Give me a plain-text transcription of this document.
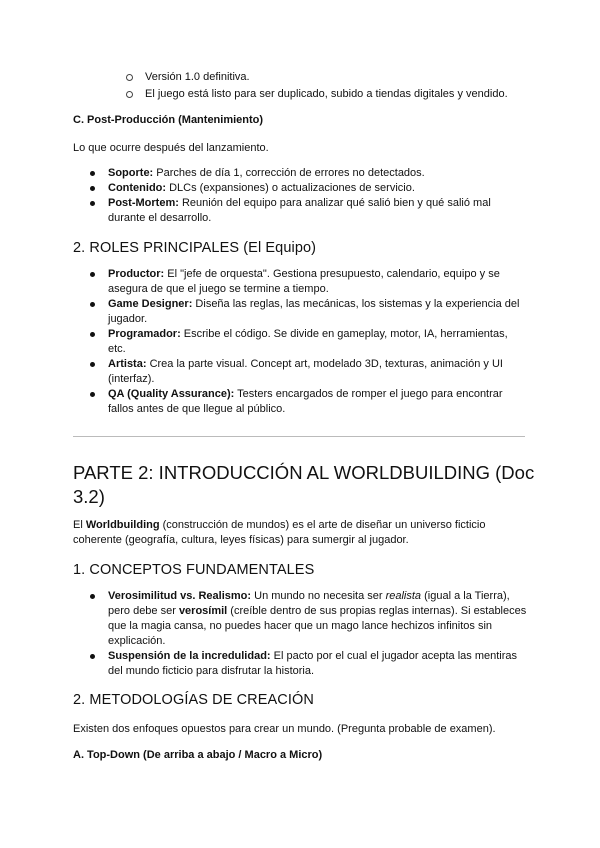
Versión 1.0 definitiva.
El juego está listo para ser duplicado, subido a tiendas digitales y vendido.
C. Post-Producción (Mantenimiento)
Lo que ocurre después del lanzamiento.
Soporte: Parches de día 1, corrección de errores no detectados.
Contenido: DLCs (expansiones) o actualizaciones de servicio.
Post-Mortem: Reunión del equipo para analizar qué salió bien y qué salió mal durante el desarrollo.
2. ROLES PRINCIPALES (El Equipo)
Productor: El "jefe de orquesta". Gestiona presupuesto, calendario, equipo y se asegura de que el juego se termine a tiempo.
Game Designer: Diseña las reglas, las mecánicas, los sistemas y la experiencia del jugador.
Programador: Escribe el código. Se divide en gameplay, motor, IA, herramientas, etc.
Artista: Crea la parte visual. Concept art, modelado 3D, texturas, animación y UI (interfaz).
QA (Quality Assurance): Testers encargados de romper el juego para encontrar fallos antes de que llegue al público.
PARTE 2: INTRODUCCIÓN AL WORLDBUILDING (Doc 3.2)
El Worldbuilding (construcción de mundos) es el arte de diseñar un universo ficticio coherente (geografía, cultura, leyes físicas) para sumergir al jugador.
1. CONCEPTOS FUNDAMENTALES
Verosimilitud vs. Realismo: Un mundo no necesita ser realista (igual a la Tierra), pero debe ser verosímil (creíble dentro de sus propias reglas internas). Si estableces que la magia cansa, no puedes hacer que un mago lance hechizos infinitos sin explicación.
Suspensión de la incredulidad: El pacto por el cual el jugador acepta las mentiras del mundo ficticio para disfrutar la historia.
2. METODOLOGÍAS DE CREACIÓN
Existen dos enfoques opuestos para crear un mundo. (Pregunta probable de examen).
A. Top-Down (De arriba a abajo / Macro a Micro)
